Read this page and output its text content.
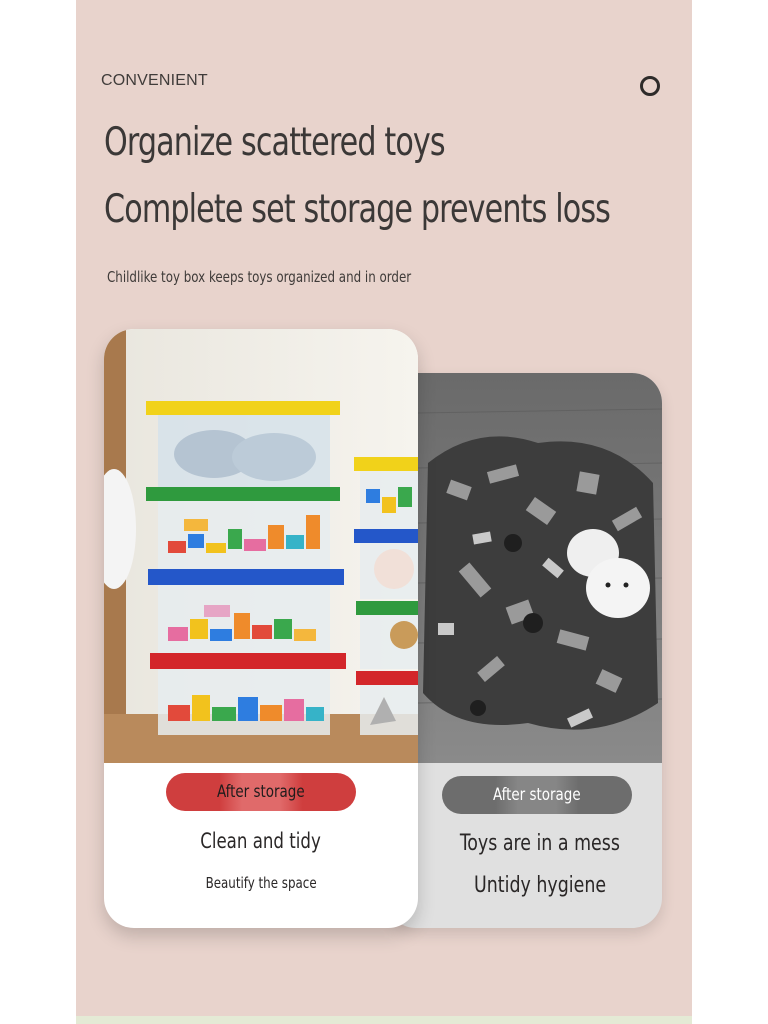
CONVENIENT
Organize scattered toys
Complete set storage prevents loss
Childlike toy box keeps toys organized and in order
After storage
Toys are in a mess
Untidy hygiene
After storage
Clean and tidy
Beautify the space
